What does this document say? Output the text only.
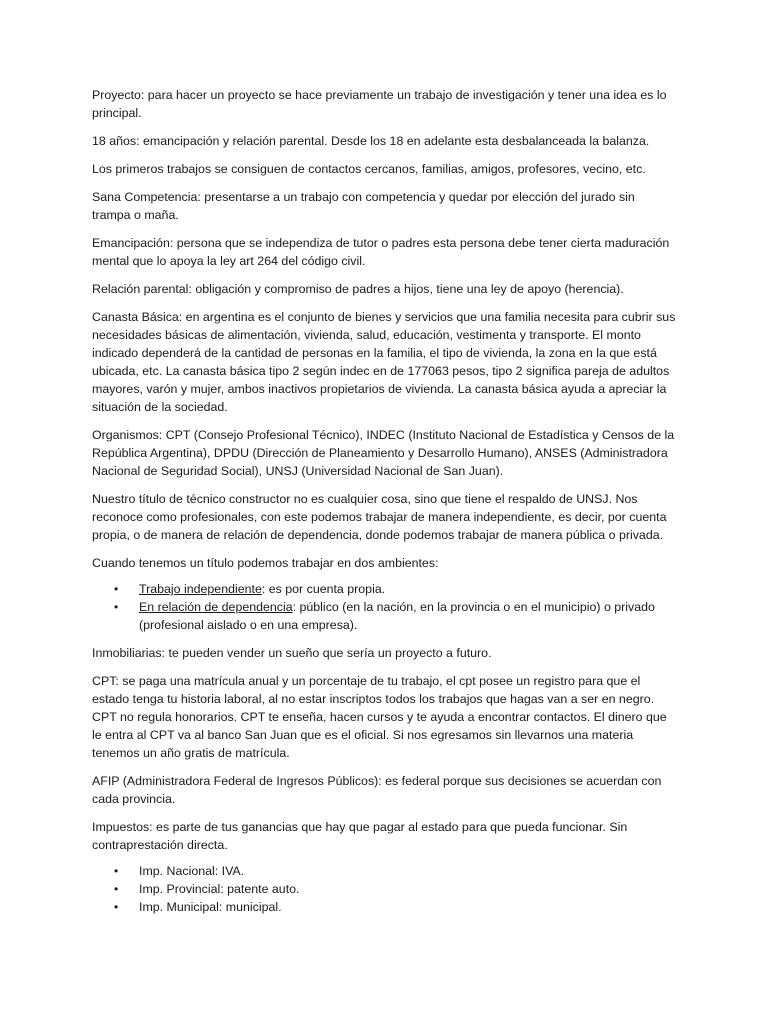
Proyecto: para hacer un proyecto se hace previamente un trabajo de investigación y tener una idea es lo principal.

18 años: emancipación y relación parental. Desde los 18 en adelante esta desbalanceada la balanza.

Los primeros trabajos se consiguen de contactos cercanos, familias, amigos, profesores, vecino, etc.

Sana Competencia: presentarse a un trabajo con competencia y quedar por elección del jurado sin trampa o maña.

Emancipación: persona que se independiza de tutor o padres esta persona debe tener cierta maduración mental que lo apoya la ley art 264 del código civil.

Relación parental: obligación y compromiso de padres a hijos, tiene una ley de apoyo (herencia).

Canasta Básica: en argentina es el conjunto de bienes y servicios que una familia necesita para cubrir sus necesidades básicas de alimentación, vivienda, salud, educación, vestimenta y transporte. El monto indicado dependerá de la cantidad de personas en la familia, el tipo de vivienda, la zona en la que está ubicada, etc. La canasta básica tipo 2 según indec en de 177063 pesos, tipo 2 significa pareja de adultos mayores, varón y mujer, ambos inactivos propietarios de vivienda. La canasta básica ayuda a apreciar la situación de la sociedad.

Organismos: CPT (Consejo Profesional Técnico), INDEC (Instituto Nacional de Estadística y Censos de la República Argentina), DPDU (Dirección de Planeamiento y Desarrollo Humano), ANSES (Administradora Nacional de Seguridad Social), UNSJ (Universidad Nacional de San Juan).

Nuestro título de técnico constructor no es cualquier cosa, sino que tiene el respaldo de UNSJ. Nos reconoce como profesionales, con este podemos trabajar de manera independiente, es decir, por cuenta propia, o de manera de relación de dependencia, donde podemos trabajar de manera pública o privada.

Cuando tenemos un título podemos trabajar en dos ambientes:

• Trabajo independiente: es por cuenta propia.
• En relación de dependencia: público (en la nación, en la provincia o en el municipio) o privado (profesional aislado o en una empresa).

Inmobiliarias: te pueden vender un sueño que sería un proyecto a futuro.

CPT: se paga una matrícula anual y un porcentaje de tu trabajo, el cpt posee un registro para que el estado tenga tu historia laboral, al no estar inscriptos todos los trabajos que hagas van a ser en negro. CPT no regula honorarios. CPT te enseña, hacen cursos y te ayuda a encontrar contactos. El dinero que le entra al CPT va al banco San Juan que es el oficial. Si nos egresamos sin llevarnos una materia tenemos un año gratis de matrícula.

AFIP (Administradora Federal de Ingresos Públicos): es federal porque sus decisiones se acuerdan con cada provincia.

Impuestos: es parte de tus ganancias que hay que pagar al estado para que pueda funcionar. Sin contraprestación directa.

• Imp. Nacional: IVA.
• Imp. Provincial: patente auto.
• Imp. Municipal: municipal.
